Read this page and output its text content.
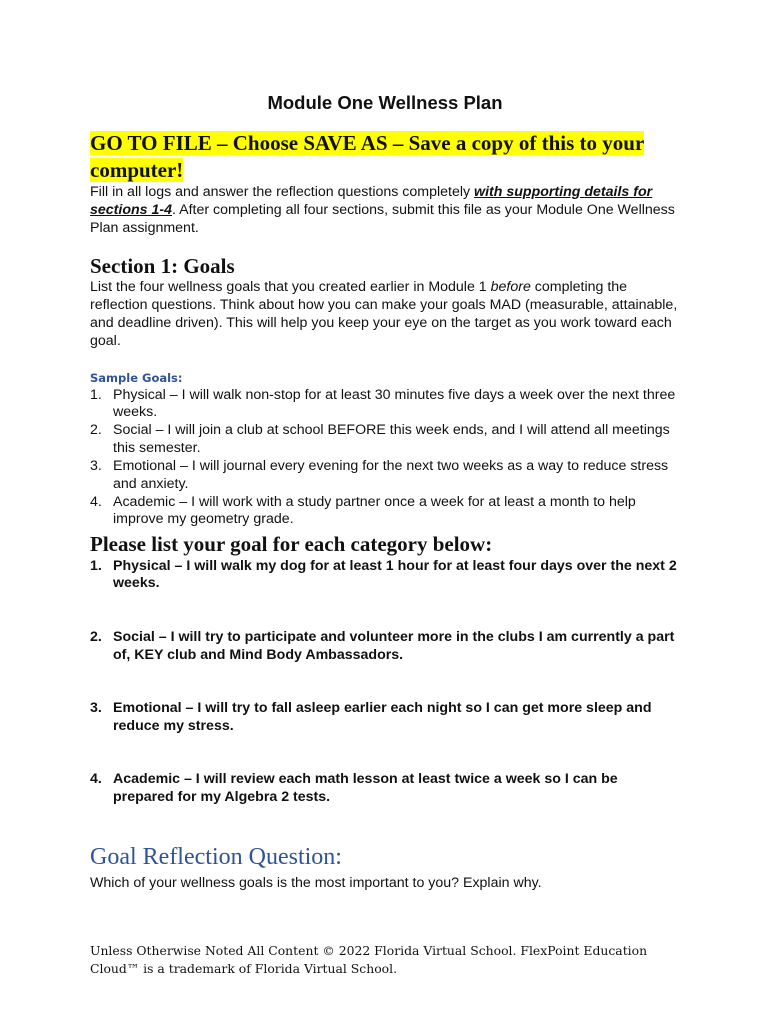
Module One Wellness Plan

GO TO FILE – Choose SAVE AS – Save a copy of this to your computer!

Fill in all logs and answer the reflection questions completely with supporting details for sections 1-4. After completing all four sections, submit this file as your Module One Wellness Plan assignment.

Section 1: Goals

List the four wellness goals that you created earlier in Module 1 before completing the reflection questions. Think about how you can make your goals MAD (measurable, attainable, and deadline driven). This will help you keep your eye on the target as you work toward each goal.

Sample Goals:
1. Physical – I will walk non-stop for at least 30 minutes five days a week over the next three weeks.
2. Social – I will join a club at school BEFORE this week ends, and I will attend all meetings this semester.
3. Emotional – I will journal every evening for the next two weeks as a way to reduce stress and anxiety.
4. Academic – I will work with a study partner once a week for at least a month to help improve my geometry grade.
Please list your goal for each category below:
1. Physical – I will walk my dog for at least 1 hour for at least four days over the next 2 weeks.
2. Social – I will try to participate and volunteer more in the clubs I am currently a part of, KEY club and Mind Body Ambassadors.
3. Emotional – I will try to fall asleep earlier each night so I can get more sleep and reduce my stress.
4. Academic – I will review each math lesson at least twice a week so I can be prepared for my Algebra 2 tests.
Goal Reflection Question:

Which of your wellness goals is the most important to you? Explain why.

Unless Otherwise Noted All Content © 2022 Florida Virtual School. FlexPoint Education Cloud™ is a trademark of Florida Virtual School.
